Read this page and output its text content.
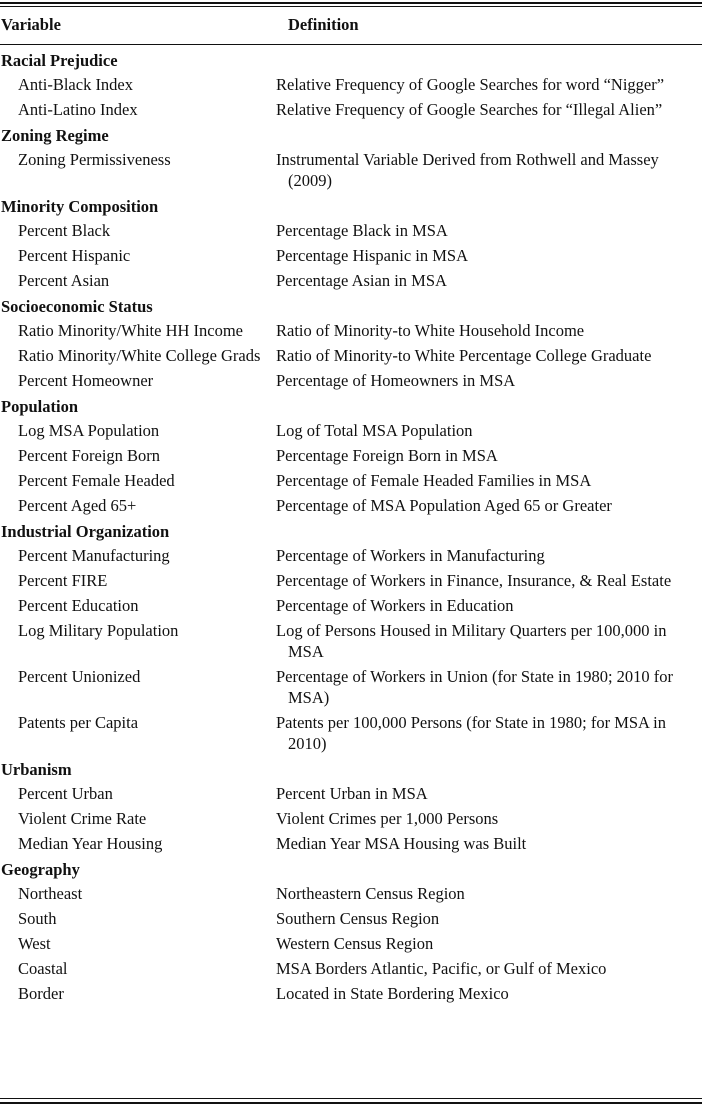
Variable	Definition
Racial Prejudice	
Anti-Black Index	Relative Frequency of Google Searches for word “Nigger”
Anti-Latino Index	Relative Frequency of Google Searches for “Illegal Alien”
Zoning Regime	
Zoning Permissiveness	Instrumental Variable Derived from Rothwell and Massey (2009)
Minority Composition	
Percent Black	Percentage Black in MSA
Percent Hispanic	Percentage Hispanic in MSA
Percent Asian	Percentage Asian in MSA
Socioeconomic Status	
Ratio Minority/White HH Income	Ratio of Minority-to White Household Income
Ratio Minority/White College Grads	Ratio of Minority-to White Percentage College Graduate
Percent Homeowner	Percentage of Homeowners in MSA
Population	
Log MSA Population	Log of Total MSA Population
Percent Foreign Born	Percentage Foreign Born in MSA
Percent Female Headed	Percentage of Female Headed Families in MSA
Percent Aged 65+	Percentage of MSA Population Aged 65 or Greater
Industrial Organization	
Percent Manufacturing	Percentage of Workers in Manufacturing
Percent FIRE	Percentage of Workers in Finance, Insurance, & Real Estate
Percent Education	Percentage of Workers in Education
Log Military Population	Log of Persons Housed in Military Quarters per 100,000 in MSA
Percent Unionized	Percentage of Workers in Union (for State in 1980; 2010 for MSA)
Patents per Capita	Patents per 100,000 Persons (for State in 1980; for MSA in 2010)
Urbanism	
Percent Urban	Percent Urban in MSA
Violent Crime Rate	Violent Crimes per 1,000 Persons
Median Year Housing	Median Year MSA Housing was Built
Geography	
Northeast	Northeastern Census Region
South	Southern Census Region
West	Western Census Region
Coastal	MSA Borders Atlantic, Pacific, or Gulf of Mexico
Border	Located in State Bordering Mexico
